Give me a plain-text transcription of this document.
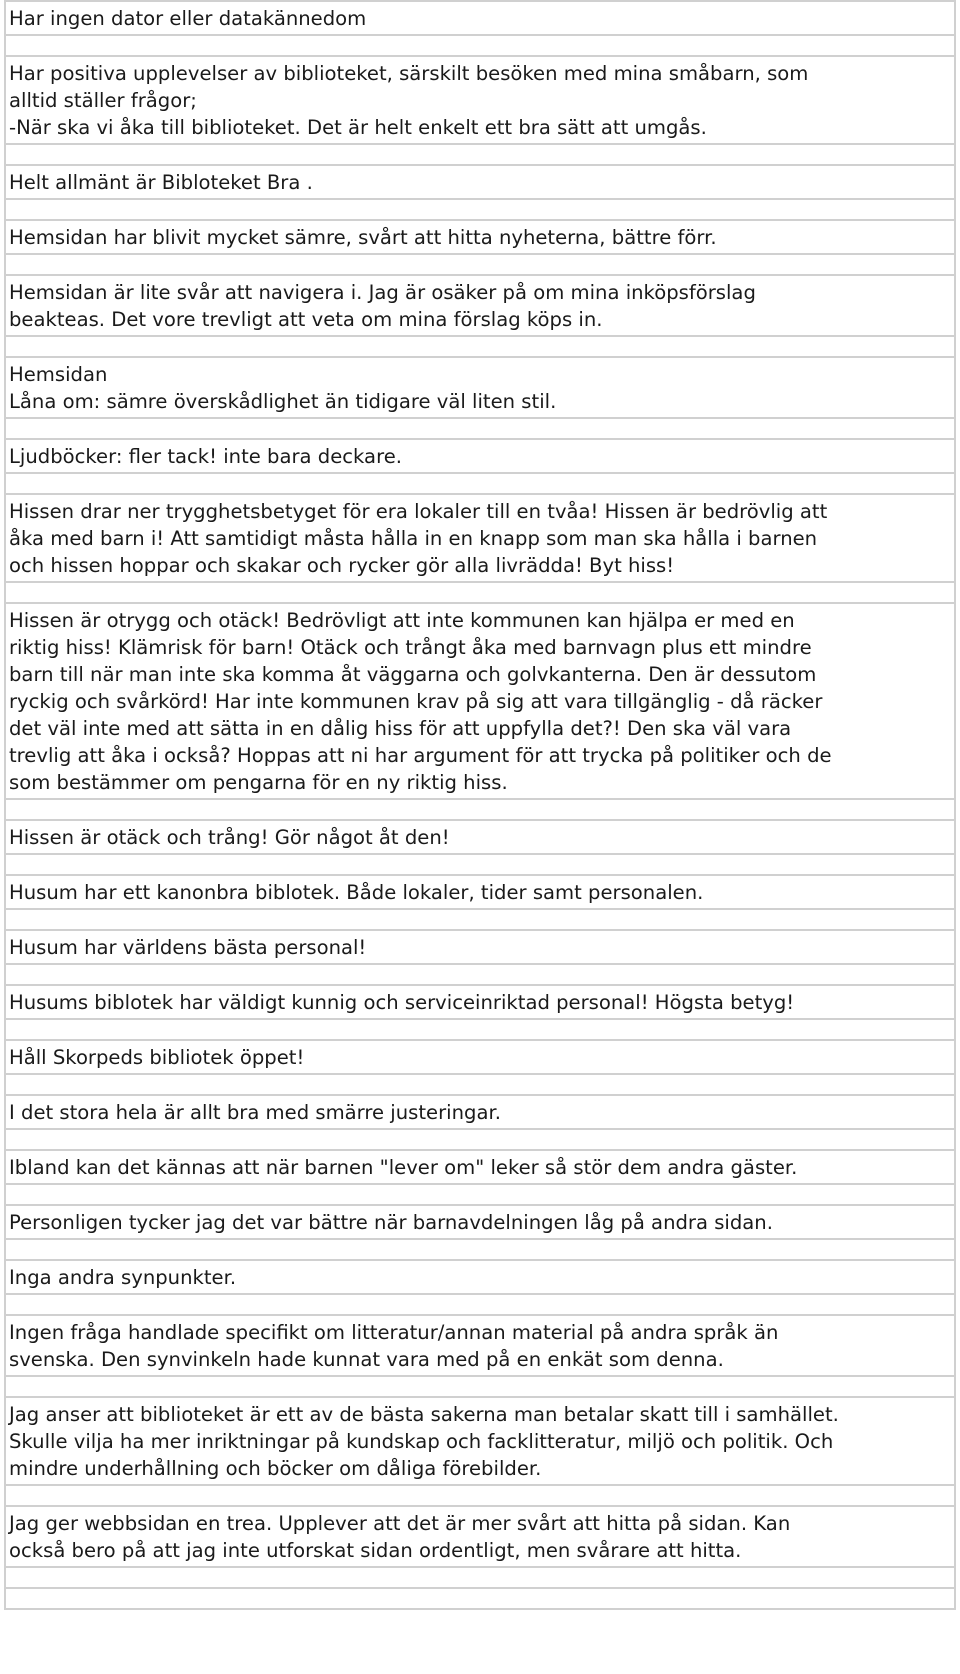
Har ingen dator eller datakännedom

Har positiva upplevelser av biblioteket, särskilt besöken med mina småbarn, som
alltid ställer frågor;
-När ska vi åka till biblioteket. Det är helt enkelt ett bra sätt att umgås.

Helt allmänt är Bibloteket Bra .

Hemsidan har blivit mycket sämre, svårt att hitta nyheterna, bättre förr.

Hemsidan är lite svår att navigera i. Jag är osäker på om mina inköpsförslag
beakteas. Det vore trevligt att veta om mina förslag köps in.

Hemsidan
Låna om: sämre överskådlighet än tidigare väl liten stil.

Ljudböcker: fler tack! inte bara deckare.

Hissen drar ner trygghetsbetyget för era lokaler till en tvåa! Hissen är bedrövlig att
åka med barn i! Att samtidigt måsta hålla in en knapp som man ska hålla i barnen
och hissen hoppar och skakar och rycker gör alla livrädda! Byt hiss!

Hissen är otrygg och otäck! Bedrövligt att inte kommunen kan hjälpa er med en
riktig hiss! Klämrisk för barn! Otäck och trångt åka med barnvagn plus ett mindre
barn till när man inte ska komma åt väggarna och golvkanterna. Den är dessutom
ryckig och svårkörd! Har inte kommunen krav på sig att vara tillgänglig - då räcker
det väl inte med att sätta in en dålig hiss för att uppfylla det?! Den ska väl vara
trevlig att åka i också? Hoppas att ni har argument för att trycka på politiker och de
som bestämmer om pengarna för en ny riktig hiss.

Hissen är otäck och trång! Gör något åt den!

Husum har ett kanonbra biblotek. Både lokaler, tider samt personalen.

Husum har världens bästa personal!

Husums biblotek har väldigt kunnig och serviceinriktad personal! Högsta betyg!

Håll Skorpeds bibliotek öppet!

I det stora hela är allt bra med smärre justeringar.

Ibland kan det kännas att när barnen "lever om" leker så stör dem andra gäster.

Personligen tycker jag det var bättre när barnavdelningen låg på andra sidan.

Inga andra synpunkter.

Ingen fråga handlade specifikt om litteratur/annan material på andra språk än
svenska. Den synvinkeln hade kunnat vara med på en enkät som denna.

Jag anser att biblioteket är ett av de bästa sakerna man betalar skatt till i samhället.
Skulle vilja ha mer inriktningar på kundskap och facklitteratur, miljö och politik. Och
mindre underhållning och böcker om dåliga förebilder.

Jag ger webbsidan en trea. Upplever att det är mer svårt att hitta på sidan. Kan
också bero på att jag inte utforskat sidan ordentligt, men svårare att hitta.
